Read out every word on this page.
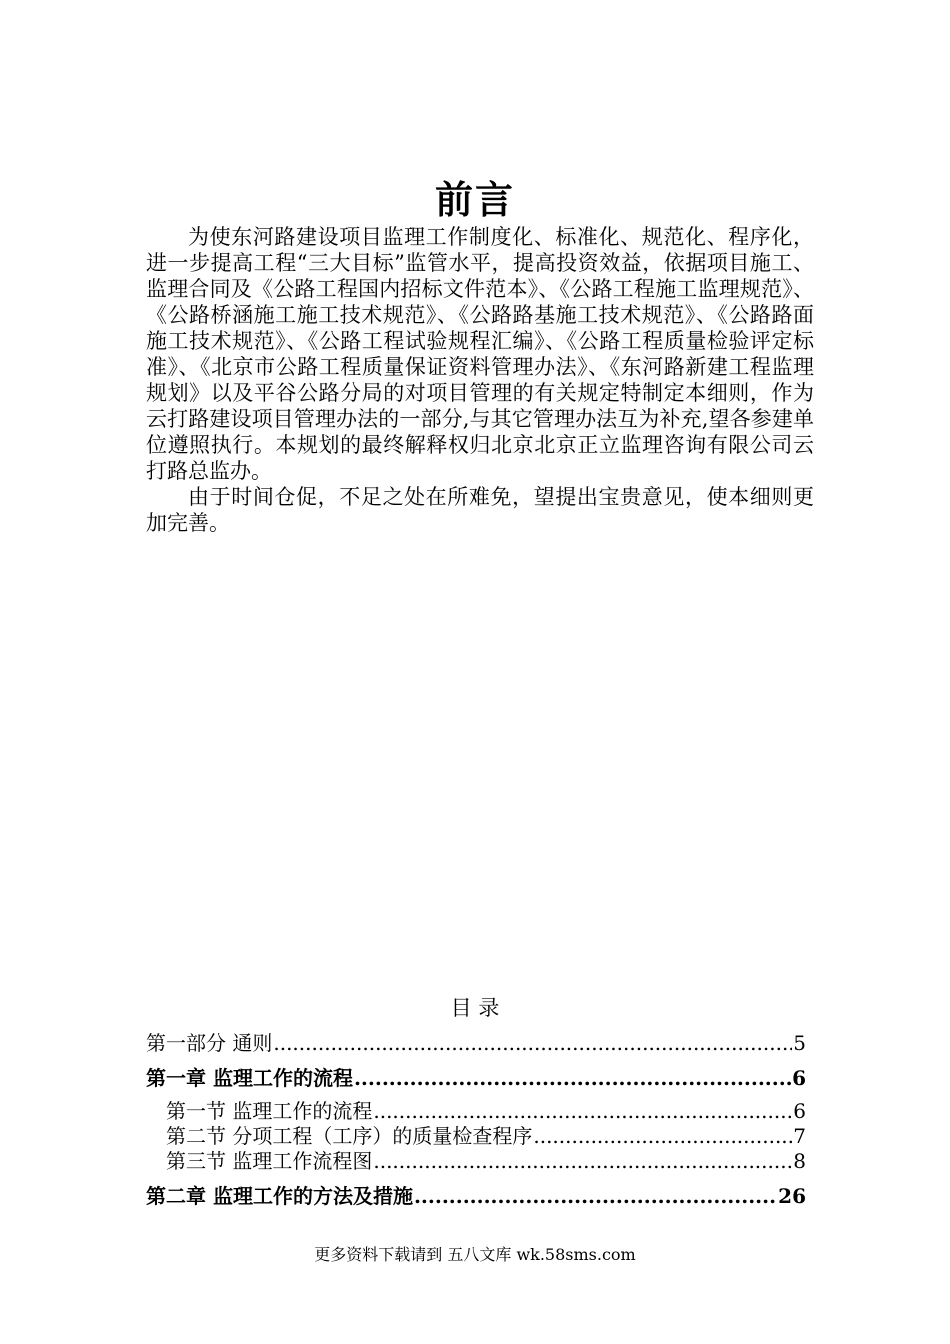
前言

为使东河路建设项目监理工作制度化、标准化、规范化、程序化，进一步提高工程“三大目标”监管水平，提高投资效益，依据项目施工、监理合同及《公路工程国内招标文件范本》、《公路工程施工监理规范》、《公路桥涵施工施工技术规范》、《公路路基施工技术规范》、《公路路面施工技术规范》、《公路工程试验规程汇编》、《公路工程质量检验评定标准》、《北京市公路工程质量保证资料管理办法》、《东河路新建工程监理规划》以及平谷公路分局的对项目管理的有关规定特制定本细则，作为云打路建设项目管理办法的一部分,与其它管理办法互为补充,望各参建单位遵照执行。本规划的最终解释权归北京北京正立监理咨询有限公司云打路总监办。

由于时间仓促，不足之处在所难免，望提出宝贵意见，使本细则更加完善。

目 录
第一部分 通则 .....	5
第一章 监理工作的流程 .....	6
第一节 监理工作的流程 .....	6
第二节 分项工程（工序）的质量检查程序 .....	7
第三节 监理工作流程图 .....	8
第二章 监理工作的方法及措施 .....	26
更多资料下载请到 五八文库 wk.58sms.com
